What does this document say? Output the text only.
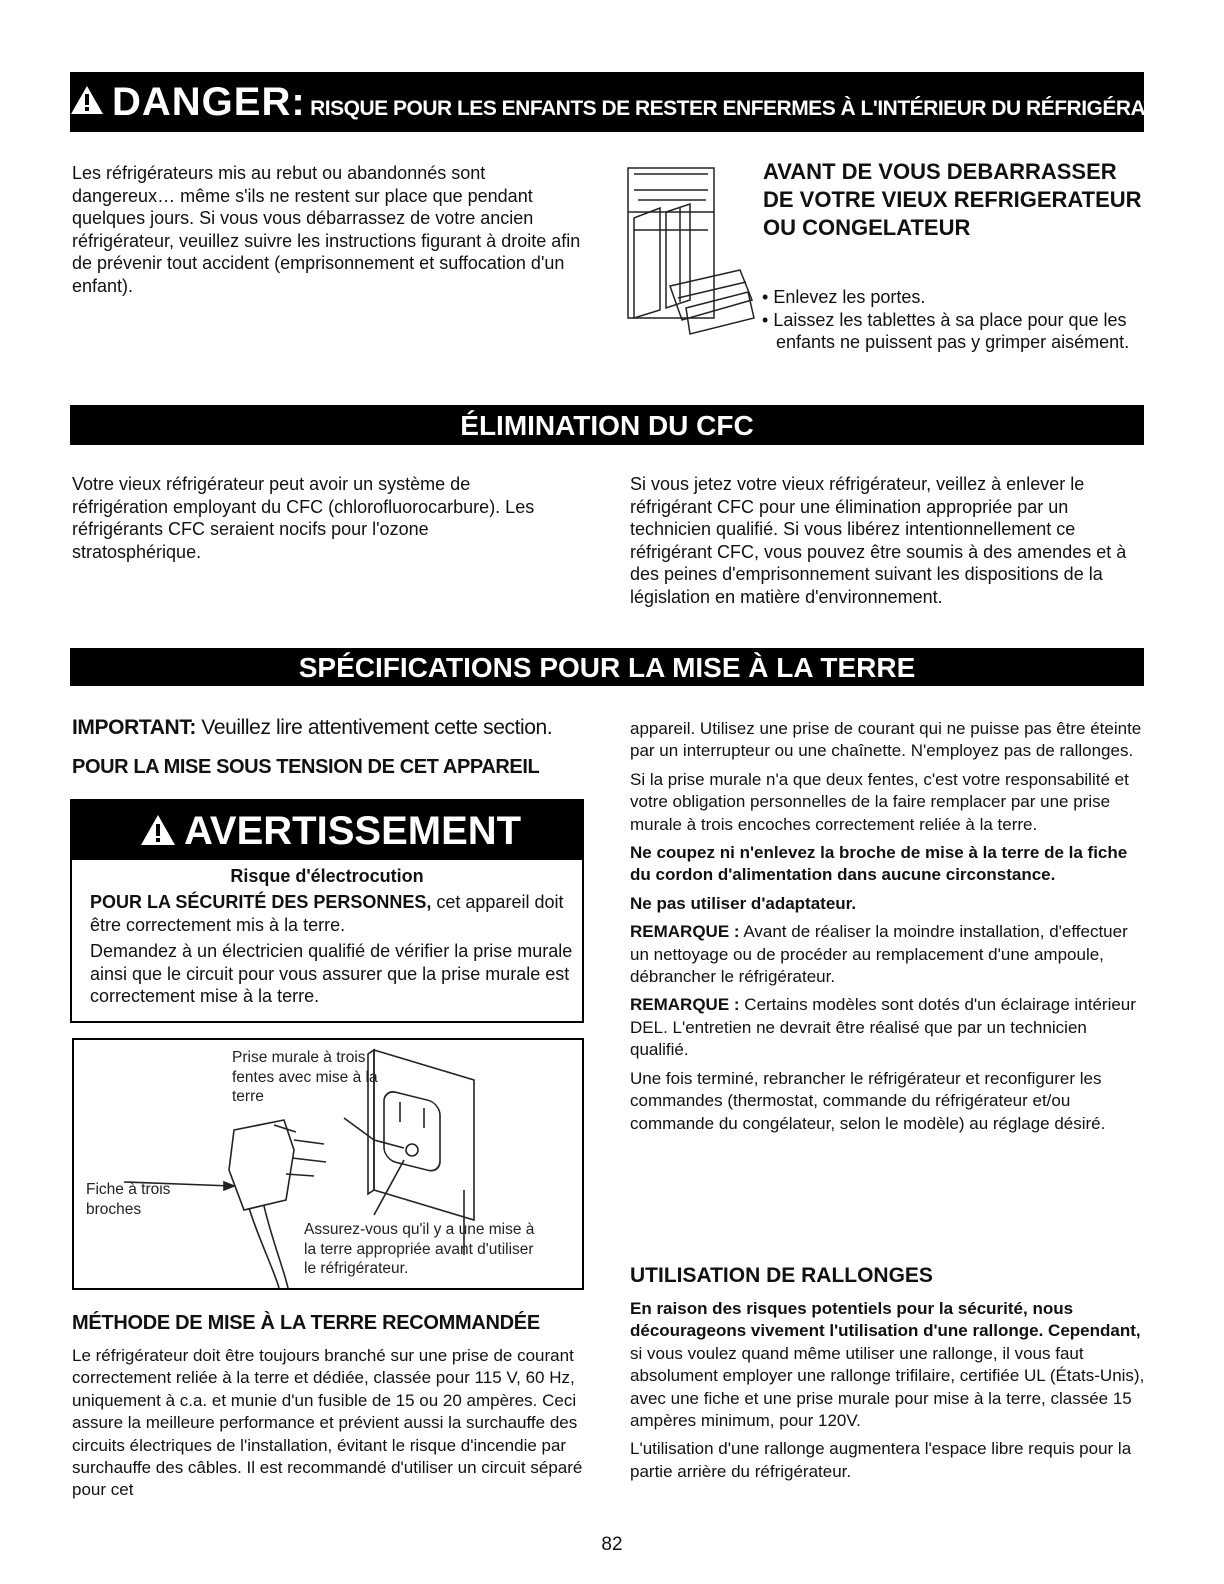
DANGER: RISQUE POUR LES ENFANTS DE RESTER ENFERMES À L'INTÉRIEUR DU RÉFRIGÉRATEUR

Les réfrigérateurs mis au rebut ou abandonnés sont dangereux… même s'ils ne restent sur place que pendant quelques jours. Si vous vous débarrassez de votre ancien réfrigérateur, veuillez suivre les instructions figurant à droite afin de prévenir tout accident (emprisonnement et suffocation d'un enfant).

AVANT DE VOUS DEBARRASSER DE VOTRE VIEUX REFRIGERATEUR OU CONGELATEUR
• Enlevez les portes.
• Laissez les tablettes à sa place pour que les enfants ne puissent pas y grimper aisément.
ÉLIMINATION DU CFC

Votre vieux réfrigérateur peut avoir un système de réfrigération employant du CFC (chlorofluorocarbure). Les réfrigérants CFC seraient nocifs pour l'ozone stratosphérique.

Si vous jetez votre vieux réfrigérateur, veillez à enlever le réfrigérant CFC pour une élimination appropriée par un technicien qualifié. Si vous libérez intentionnellement ce réfrigérant CFC, vous pouvez être soumis à des amendes et à des peines d'emprisonnement suivant les dispositions de la législation en matière d'environnement.

SPÉCIFICATIONS POUR LA MISE À LA TERRE
IMPORTANT: Veuillez lire attentivement cette section.
POUR LA MISE SOUS TENSION DE CET APPAREIL
AVERTISSEMENT
Risque d'électrocution

POUR LA SÉCURITÉ DES PERSONNES, cet appareil doit être correctement mis à la terre.

Demandez à un électricien qualifié de vérifier la prise murale ainsi que le circuit pour vous assurer que la prise murale est correctement mise à la terre.

Prise murale à trois fentes avec mise à la terre
Fiche à trois broches
Assurez-vous qu'il y a une mise à la terre appropriée avant d'utiliser le réfrigérateur.
MÉTHODE DE MISE À LA TERRE RECOMMANDÉE

Le réfrigérateur doit être toujours branché sur une prise de courant correctement reliée à la terre et dédiée, classée pour 115 V, 60 Hz, uniquement à c.a. et munie d'un fusible de 15 ou 20 ampères. Ceci assure la meilleure performance et prévient aussi la surchauffe des circuits électriques de l'installation, évitant le risque d'incendie par surchauffe des câbles. Il est recommandé d'utiliser un circuit séparé pour cet

appareil. Utilisez une prise de courant qui ne puisse pas être éteinte par un interrupteur ou une chaînette. N'employez pas de rallonges.

Si la prise murale n'a que deux fentes, c'est votre responsabilité et votre obligation personnelles de la faire remplacer par une prise murale à trois encoches correctement reliée à la terre.

Ne coupez ni n'enlevez la broche de mise à la terre de la fiche du cordon d'alimentation dans aucune circonstance.

Ne pas utiliser d'adaptateur.

REMARQUE : Avant de réaliser la moindre installation, d'effectuer un nettoyage ou de procéder au remplacement d'une ampoule, débrancher le réfrigérateur.

REMARQUE : Certains modèles sont dotés d'un éclairage intérieur DEL. L'entretien ne devrait être réalisé que par un technicien qualifié.

Une fois terminé, rebrancher le réfrigérateur et reconfigurer les commandes (thermostat, commande du réfrigérateur et/ou commande du congélateur, selon le modèle) au réglage désiré.

UTILISATION DE RALLONGES

En raison des risques potentiels pour la sécurité, nous décourageons vivement l'utilisation d'une rallonge. Cependant, si vous voulez quand même utiliser une rallonge, il vous faut absolument employer une rallonge trifilaire, certifiée UL (États-Unis), avec une fiche et une prise murale pour mise à la terre, classée 15 ampères minimum, pour 120V.

L'utilisation d'une rallonge augmentera l'espace libre requis pour la partie arrière du réfrigérateur.

82
